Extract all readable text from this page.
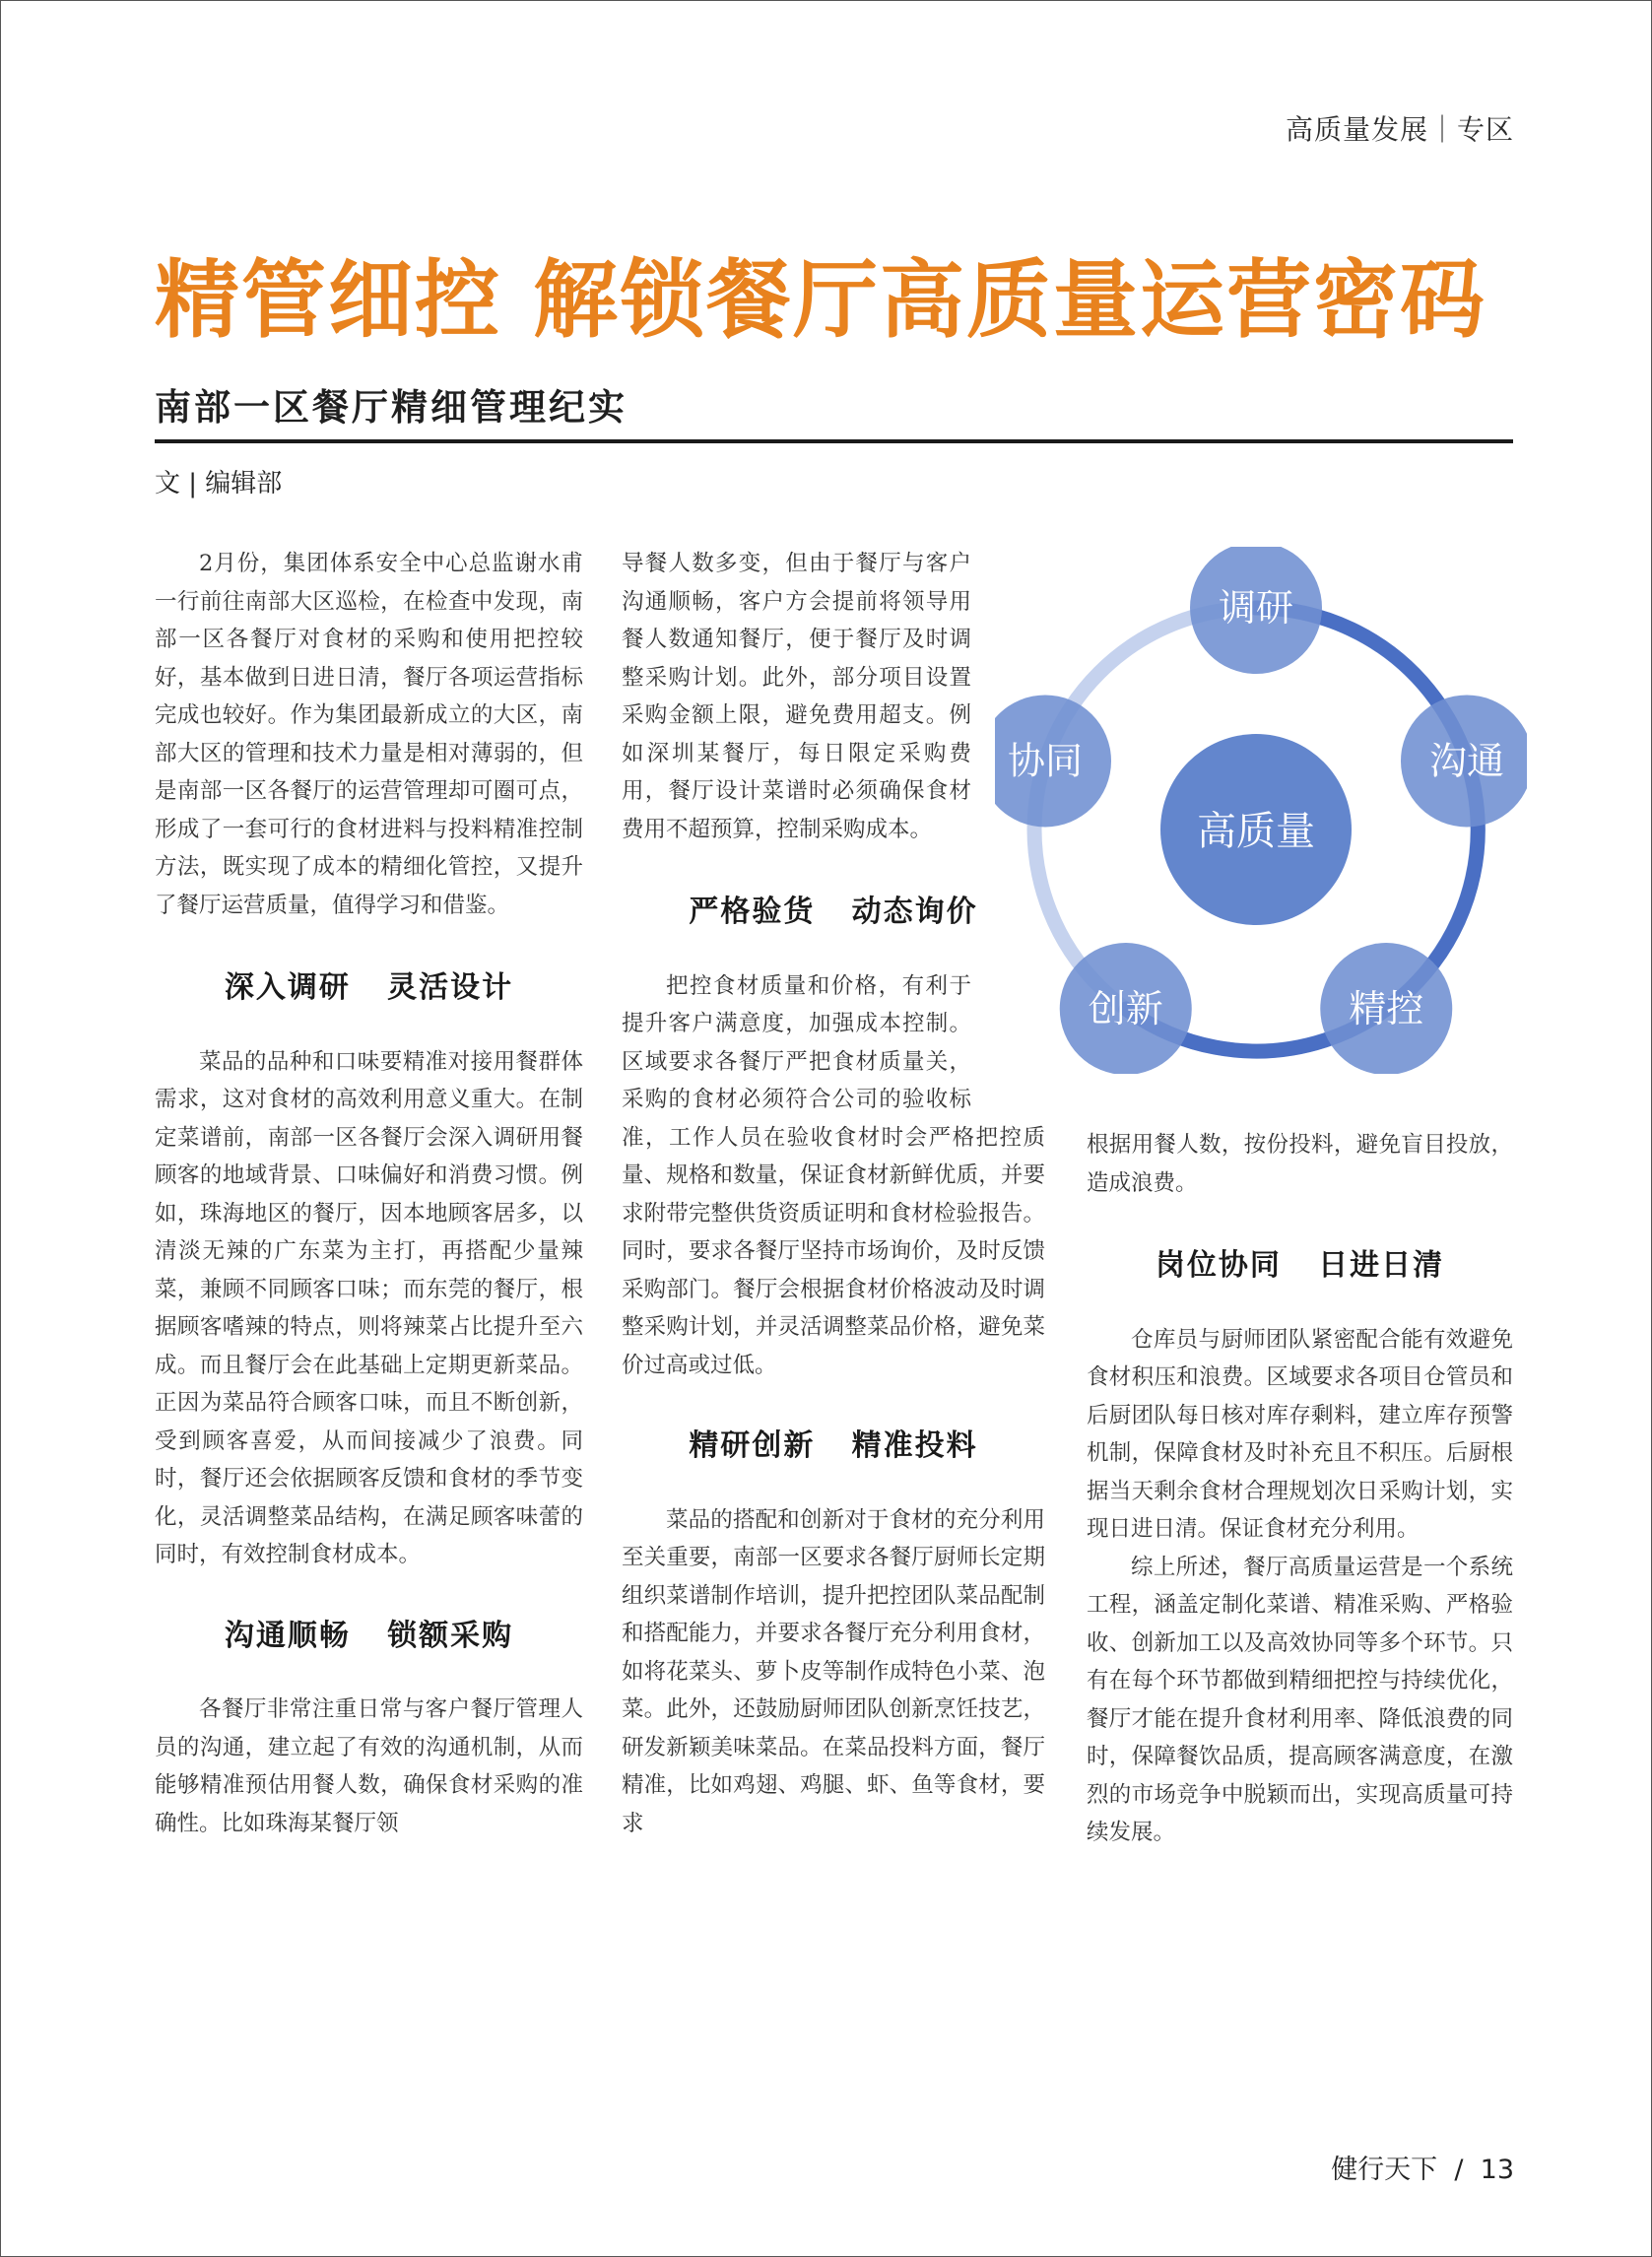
高质量发展｜专区
精管细控 解锁餐厅高质量运营密码
南部一区餐厅精细管理纪实
文 | 编辑部

2月份，集团体系安全中心总监谢水甫一行前往南部大区巡检，在检查中发现，南部一区各餐厅对食材的采购和使用把控较好，基本做到日进日清，餐厅各项运营指标完成也较好。作为集团最新成立的大区，南部大区的管理和技术力量是相对薄弱的，但是南部一区各餐厅的运营管理却可圈可点，形成了一套可行的食材进料与投料精准控制方法，既实现了成本的精细化管控，又提升了餐厅运营质量，值得学习和借鉴。

深入调研   灵活设计

菜品的品种和口味要精准对接用餐群体需求，这对食材的高效利用意义重大。在制定菜谱前，南部一区各餐厅会深入调研用餐顾客的地域背景、口味偏好和消费习惯。例如，珠海地区的餐厅，因本地顾客居多，以清淡无辣的广东菜为主打，再搭配少量辣菜，兼顾不同顾客口味；而东莞的餐厅，根据顾客嗜辣的特点，则将辣菜占比提升至六成。而且餐厅会在此基础上定期更新菜品。正因为菜品符合顾客口味，而且不断创新，受到顾客喜爱，从而间接减少了浪费。同时，餐厅还会依据顾客反馈和食材的季节变化，灵活调整菜品结构，在满足顾客味蕾的同时，有效控制食材成本。

沟通顺畅   锁额采购

各餐厅非常注重日常与客户餐厅管理人员的沟通，建立起了有效的沟通机制，从而能够精准预估用餐人数，确保食材采购的准确性。比如珠海某餐厅领

导餐人数多变，但由于餐厅与客户沟通顺畅，客户方会提前将领导用餐人数通知餐厅，便于餐厅及时调整采购计划。此外，部分项目设置采购金额上限，避免费用超支。例如深圳某餐厅，每日限定采购费用，餐厅设计菜谱时必须确保食材费用不超预算，控制采购成本。

严格验货   动态询价

把控食材质量和价格，有利于提升客户满意度，加强成本控制。区域要求各餐厅严把食材质量关，采购的食材必须符合公司的验收标准，工作人员在验收食材时会严格把控质量、规格和数量，保证食材新鲜优质，并要求附带完整供货资质证明和食材检验报告。同时，要求各餐厅坚持市场询价，及时反馈采购部门。餐厅会根据食材价格波动及时调整采购计划，并灵活调整菜品价格，避免菜价过高或过低。

精研创新   精准投料

菜品的搭配和创新对于食材的充分利用至关重要，南部一区要求各餐厅厨师长定期组织菜谱制作培训，提升把控团队菜品配制和搭配能力，并要求各餐厅充分利用食材，如将花菜头、萝卜皮等制作成特色小菜、泡菜。此外，还鼓励厨师团队创新烹饪技艺，研发新颖美味菜品。在菜品投料方面，餐厅精准，比如鸡翅、鸡腿、虾、鱼等食材，要求

根据用餐人数，按份投料，避免盲目投放，造成浪费。

岗位协同   日进日清

仓库员与厨师团队紧密配合能有效避免食材积压和浪费。区域要求各项目仓管员和后厨团队每日核对库存剩料，建立库存预警机制，保障食材及时补充且不积压。后厨根据当天剩余食材合理规划次日采购计划，实现日进日清。保证食材充分利用。

综上所述，餐厅高质量运营是一个系统工程，涵盖定制化菜谱、精准采购、严格验收、创新加工以及高效协同等多个环节。只有在每个环节都做到精细把控与持续优化，餐厅才能在提升食材利用率、降低浪费的同时，保障餐饮品质，提高顾客满意度，在激烈的市场竞争中脱颖而出，实现高质量可持续发展。

高质量
调研
沟通
精控
创新
协同
健行天下 / 13
